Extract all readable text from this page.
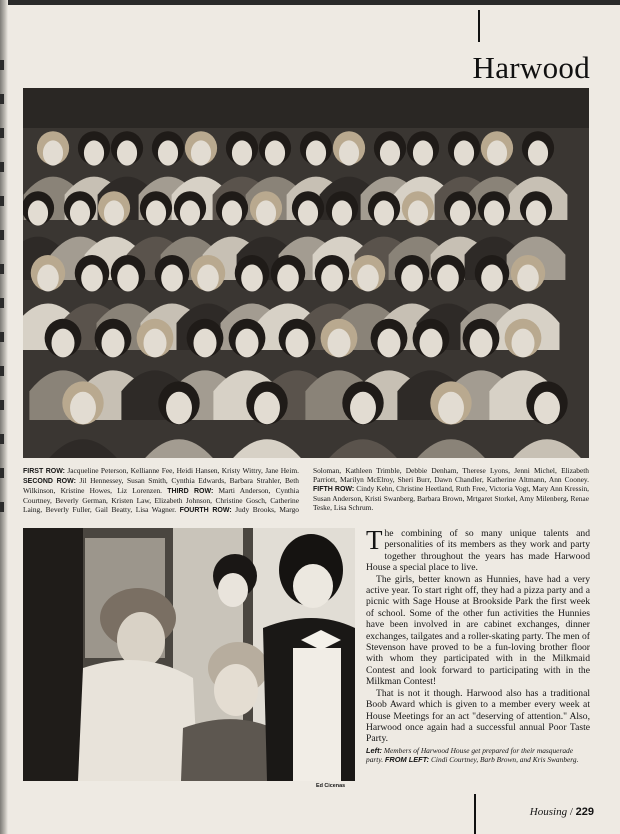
Harwood
FIRST ROW: Jacqueline Peterson, Kellianne Fee, Heidi Hansen, Kristy Wittry, Jane Heim. SECOND ROW: Jil Hennessey, Susan Smith, Cynthia Edwards, Barbara Strahler, Beth Wilkinson, Kristine Howes, Liz Lorenzen. THIRD ROW: Marti Anderson, Cynthia Courtney, Beverly German, Kristen Law, Elizabeth Johnson, Christine Gosch, Catherine Laing, Beverly Fuller, Gail Beatty, Lisa Wagner. FOURTH ROW: Judy Brooks, Margo Soloman, Kathleen Trimble, Debbie Denham, Therese Lyons, Jenni Michel, Elizabeth Parriott, Marilyn McElroy, Sheri Burr, Dawn Chandler, Katherine Altmann, Ann Cooney. FIFTH ROW: Cindy Kehn, Christine Heetland, Ruth Free, Victoria Vogt, Mary Ann Kressin, Susan Anderson, Kristi Swanberg, Barbara Brown, Mrtgaret Storkel, Amy Milenberg, Renae Teske, Lisa Schrum.
Ed Cicenas

The combining of so many unique talents and personalities of its members as they work and party together throughout the years has made Harwood House a special place to live.

The girls, better known as Hunnies, have had a very active year. To start right off, they had a pizza party and a picnic with Sage House at Brookside Park the first week of school. Some of the other fun activities the Hunnies have been involved in are cabinet exchanges, dinner exchanges, tailgates and a roller-skating party. The men of Stevenson have proved to be a fun-loving brother floor with whom they participated with in the Milkmaid Contest and look forward to participating with in the Milkman Contest!

That is not it though. Harwood also has a traditional Boob Award which is given to a member every week at House Meetings for an act "deserving of attention." Also, Harwood once again had a successful annual Poor Taste Party.

Left: Members of Harwood House get prepared for their masquerade party. FROM LEFT: Cindi Courtney, Barb Brown, and Kris Swanberg.
Housing / 229
